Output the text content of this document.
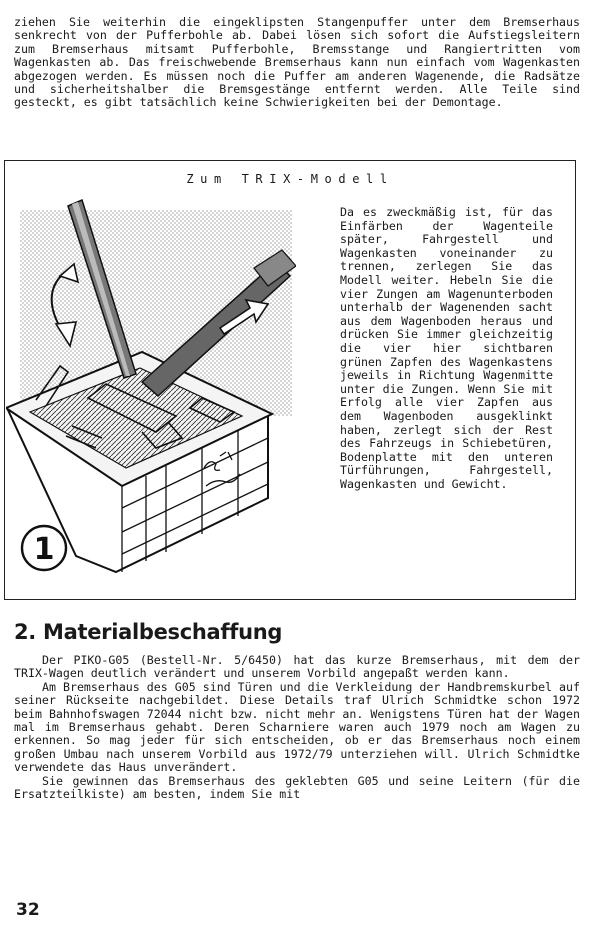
ziehen Sie weiterhin die eingeklipsten Stangenpuffer unter dem Bremserhaus senkrecht von der Pufferbohle ab. Dabei lösen sich sofort die Aufstiegsleitern zum Bremserhaus mitsamt Pufferbohle, Bremsstange und Rangiertritten vom Wagenkasten ab. Das freischwebende Bremserhaus kann nun einfach vom Wagenkasten abgezogen werden. Es müssen noch die Puffer am anderen Wagenende, die Radsätze und sicherheitshalber die Bremsgestänge entfernt werden. Alle Teile sind gesteckt, es gibt tatsächlich keine Schwierigkeiten bei der Demontage.

Zum TRIX-Modell
1

Da es zweckmäßig ist, für das Einfärben der Wagenteile später, Fahrgestell und Wagenkasten voneinander zu trennen, zerlegen Sie das Modell weiter. Hebeln Sie die vier Zungen am Wagenunterboden unterhalb der Wagenenden sacht aus dem Wagenboden heraus und drücken Sie immer gleichzeitig die vier hier sichtbaren grünen Zapfen des Wagenkastens jeweils in Richtung Wagenmitte unter die Zungen. Wenn Sie mit Erfolg alle vier Zapfen aus dem Wagenboden ausgeklinkt haben, zerlegt sich der Rest des Fahrzeugs in Schiebetüren, Bodenplatte mit den unteren Türführungen, Fahrgestell, Wagenkasten und Gewicht.

2. Materialbeschaffung

Der PIKO-G05 (Bestell-Nr. 5/6450) hat das kurze Bremserhaus, mit dem der TRIX-Wagen deutlich verändert und unserem Vorbild angepaßt werden kann.

Am Bremserhaus des G05 sind Türen und die Verkleidung der Handbremskurbel auf seiner Rückseite nachgebildet. Diese Details traf Ulrich Schmidtke schon 1972 beim Bahnhofswagen 72044 nicht bzw. nicht mehr an. Wenigstens Türen hat der Wagen mal im Bremserhaus gehabt. Deren Scharniere waren auch 1979 noch am Wagen zu erkennen. So mag jeder für sich entscheiden, ob er das Bremserhaus noch einem großen Umbau nach unserem Vorbild aus 1972/79 unterziehen will. Ulrich Schmidtke verwendete das Haus unverändert.

Sie gewinnen das Bremserhaus des geklebten G05 und seine Leitern (für die Ersatzteilkiste) am besten, indem Sie mit

32
